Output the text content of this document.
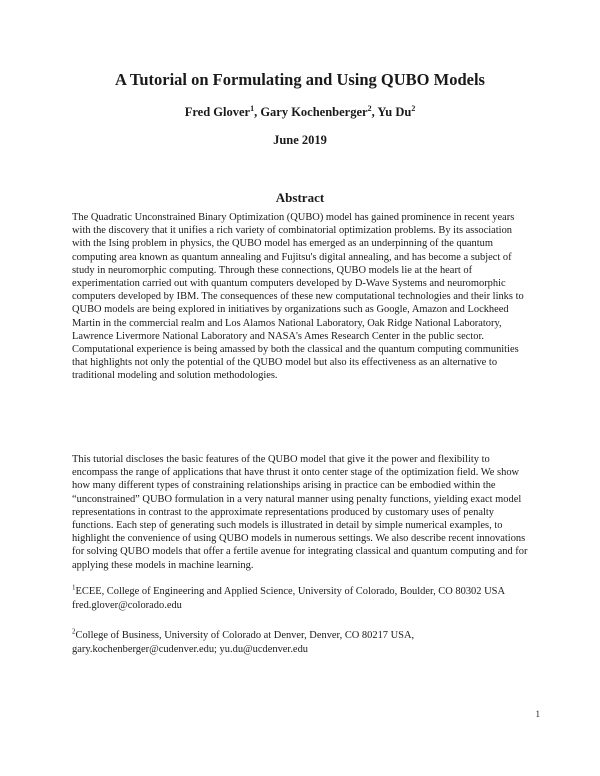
A Tutorial on Formulating and Using QUBO Models
Fred Glover$^1$, Gary Kochenberger$^2$, Yu Du$^2$
June 2019
Abstract

The Quadratic Unconstrained Binary Optimization (QUBO) model has gained prominence in recent years with the discovery that it unifies a rich variety of combinatorial optimization problems. By its association with the Ising problem in physics, the QUBO model has emerged as an underpinning of the quantum computing area known as quantum annealing and Fujitsu's digital annealing, and has become a subject of study in neuromorphic computing. Through these connections, QUBO models lie at the heart of experimentation carried out with quantum computers developed by D-Wave Systems and neuromorphic computers developed by IBM. The consequences of these new computational technologies and their links to QUBO models are being explored in initiatives by organizations such as Google, Amazon and Lockheed Martin in the commercial realm and Los Alamos National Laboratory, Oak Ridge National Laboratory, Lawrence Livermore National Laboratory and NASA's Ames Research Center in the public sector. Computational experience is being amassed by both the classical and the quantum computing communities that highlights not only the potential of the QUBO model but also its effectiveness as an alternative to traditional modeling and solution methodologies.

This tutorial discloses the basic features of the QUBO model that give it the power and flexibility to encompass the range of applications that have thrust it onto center stage of the optimization field. We show how many different types of constraining relationships arising in practice can be embodied within the “unconstrained” QUBO formulation in a very natural manner using penalty functions, yielding exact model representations in contrast to the approximate representations produced by customary uses of penalty functions. Each step of generating such models is illustrated in detail by simple numerical examples, to highlight the convenience of using QUBO models in numerous settings. We also describe recent innovations for solving QUBO models that offer a fertile avenue for integrating classical and quantum computing and for applying these models in machine learning.

$^1$ECEE, College of Engineering and Applied Science, University of Colorado, Boulder, CO 80302 USA fred.glover@colorado.edu

$^2$College of Business, University of Colorado at Denver, Denver, CO 80217 USA, gary.kochenberger@cudenver.edu; yu.du@ucdenver.edu

1
